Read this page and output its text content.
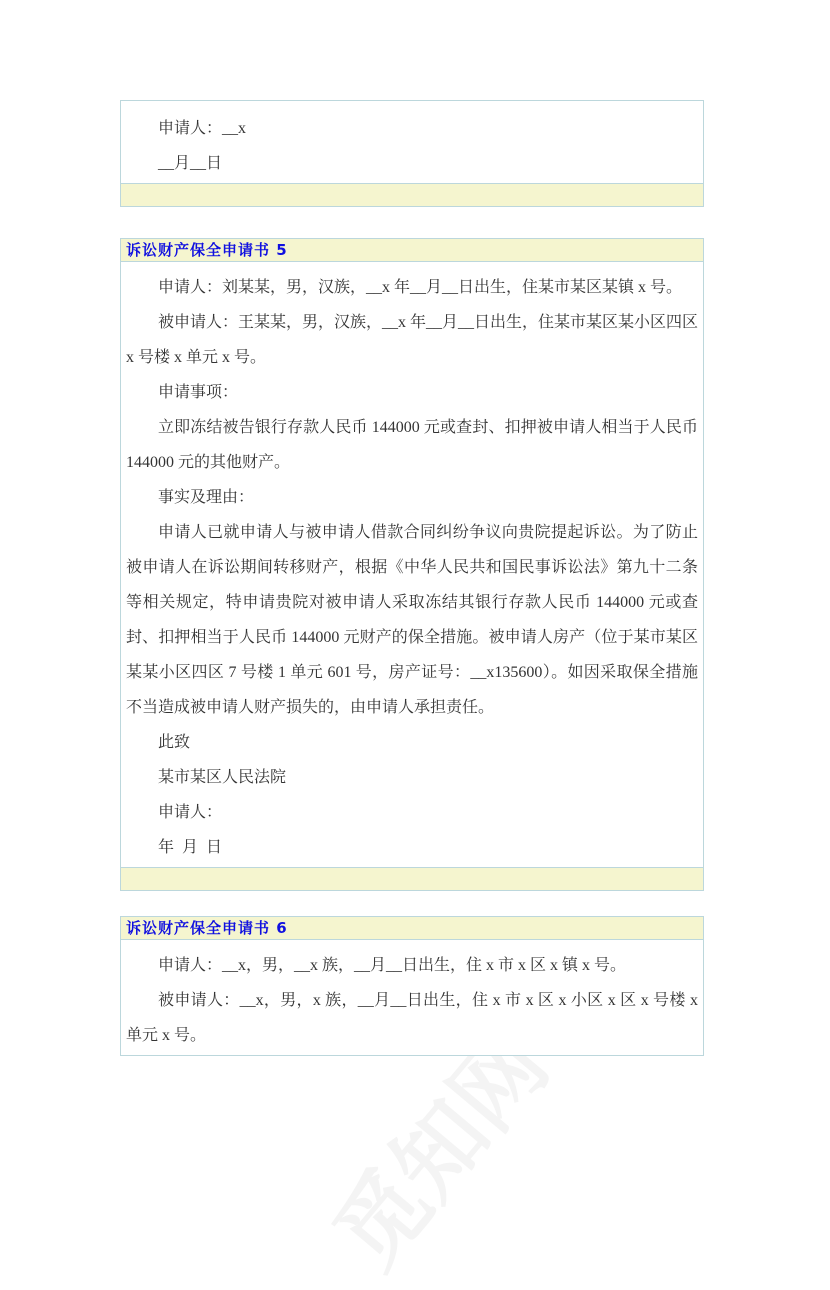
申请人：__x

__月__日

诉讼财产保全申请书 5

申请人：刘某某，男，汉族，__x 年__月__日出生，住某市某区某镇 x 号。

被申请人：王某某，男，汉族，__x 年__月__日出生，住某市某区某小区四区 x 号楼 x 单元 x 号。

申请事项：

立即冻结被告银行存款人民币 144000 元或查封、扣押被申请人相当于人民币 144000 元的其他财产。

事实及理由：

申请人已就申请人与被申请人借款合同纠纷争议向贵院提起诉讼。为了防止被申请人在诉讼期间转移财产，根据《中华人民共和国民事诉讼法》第九十二条等相关规定，特申请贵院对被申请人采取冻结其银行存款人民币 144000 元或查封、扣押相当于人民币 144000 元财产的保全措施。被申请人房产（位于某市某区某某小区四区 7 号楼 1 单元 601 号，房产证号：__x135600）。如因采取保全措施不当造成被申请人财产损失的，由申请人承担责任。

此致

某市某区人民法院

申请人：

年  月  日

诉讼财产保全申请书 6

申请人：__x，男，__x 族，__月__日出生，住 x 市 x 区 x 镇 x 号。

被申请人：__x，男，x 族，__月__日出生，住 x 市 x 区 x 小区 x 区 x 号楼 x 单元 x 号。
